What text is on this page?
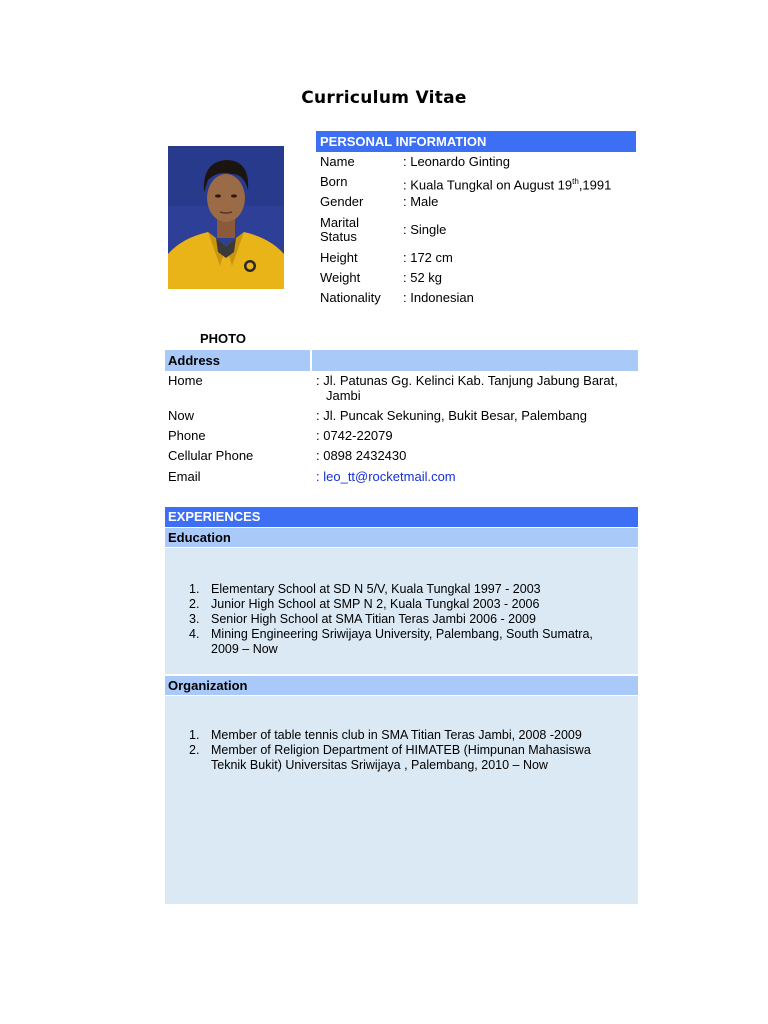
Curriculum Vitae
PHOTO
PERSONAL INFORMATION
Name	: Leonardo Ginting
Born	: Kuala Tungkal on August 19th,1991
Gender	: Male
Marital
Status	: Single
Height	: 172 cm
Weight	: 52 kg
Nationality : Indonesian
Address
Home	: Jl. Patunas Gg. Kelinci Kab. Tanjung Jabung Barat,
Jambi
Now	: Jl. Puncak Sekuning, Bukit Besar, Palembang
Phone	: 0742-22079
Cellular Phone	: 0898 2432430
Email	: leo_tt@rocketmail.com
EXPERIENCES
Education
1. Elementary School at SD N 5/V, Kuala Tungkal 1997 - 2003
2. Junior High School at SMP N 2, Kuala Tungkal 2003 - 2006
3. Senior High School at SMA Titian Teras Jambi 2006 - 2009
4. Mining Engineering Sriwijaya University, Palembang, South Sumatra,
2009 – Now
Organization
1. Member of table tennis club in SMA Titian Teras Jambi, 2008 -2009
2. Member of Religion Department of HIMATEB (Himpunan Mahasiswa
Teknik Bukit) Universitas Sriwijaya , Palembang, 2010 – Now
